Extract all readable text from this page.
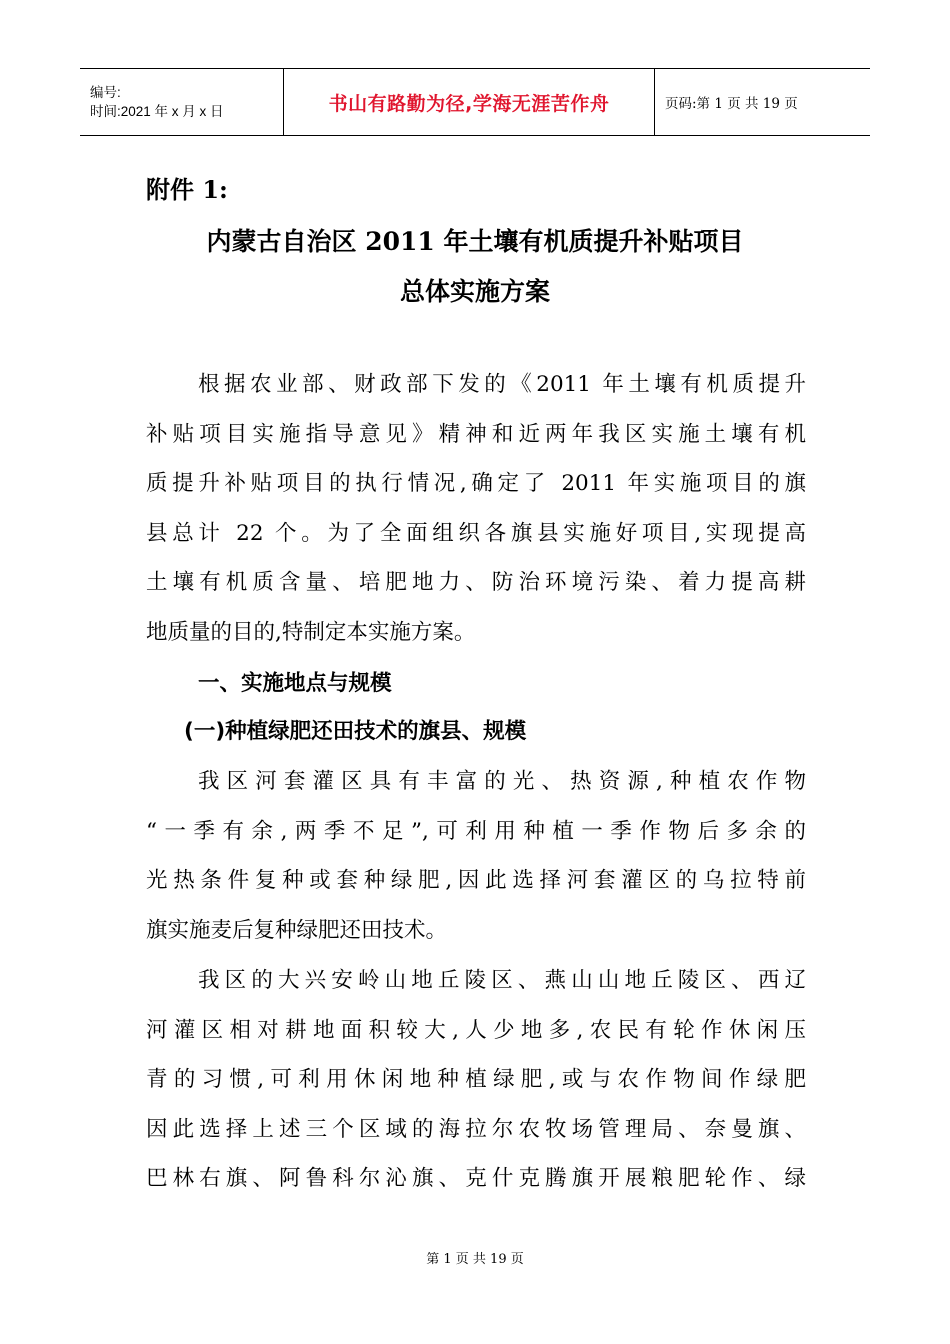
编号:
时间:2021 年 x 月 x 日	书山有路勤为径,学海无涯苦作舟	页码:第 1 页 共 19 页
附件 1:
内蒙古自治区 2011 年土壤有机质提升补贴项目
总体实施方案
根据农业部、财政部下发的《2011 年土壤有机质提升
补贴项目实施指导意见》精神和近两年我区实施土壤有机
质提升补贴项目的执行情况,确定了 2011 年实施项目的旗
县总计 22 个。为了全面组织各旗县实施好项目,实现提高
土壤有机质含量、培肥地力、防治环境污染、着力提高耕
地质量的目的,特制定本实施方案。
一、实施地点与规模
(一)种植绿肥还田技术的旗县、规模
我区河套灌区具有丰富的光、热资源,种植农作物
“一季有余,两季不足”,可利用种植一季作物后多余的
光热条件复种或套种绿肥,因此选择河套灌区的乌拉特前
旗实施麦后复种绿肥还田技术。
我区的大兴安岭山地丘陵区、燕山山地丘陵区、西辽
河灌区相对耕地面积较大,人少地多,农民有轮作休闲压
青的习惯,可利用休闲地种植绿肥,或与农作物间作绿肥
因此选择上述三个区域的海拉尔农牧场管理局、奈曼旗、
巴林右旗、阿鲁科尔沁旗、克什克腾旗开展粮肥轮作、绿
第 1 页 共 19 页
